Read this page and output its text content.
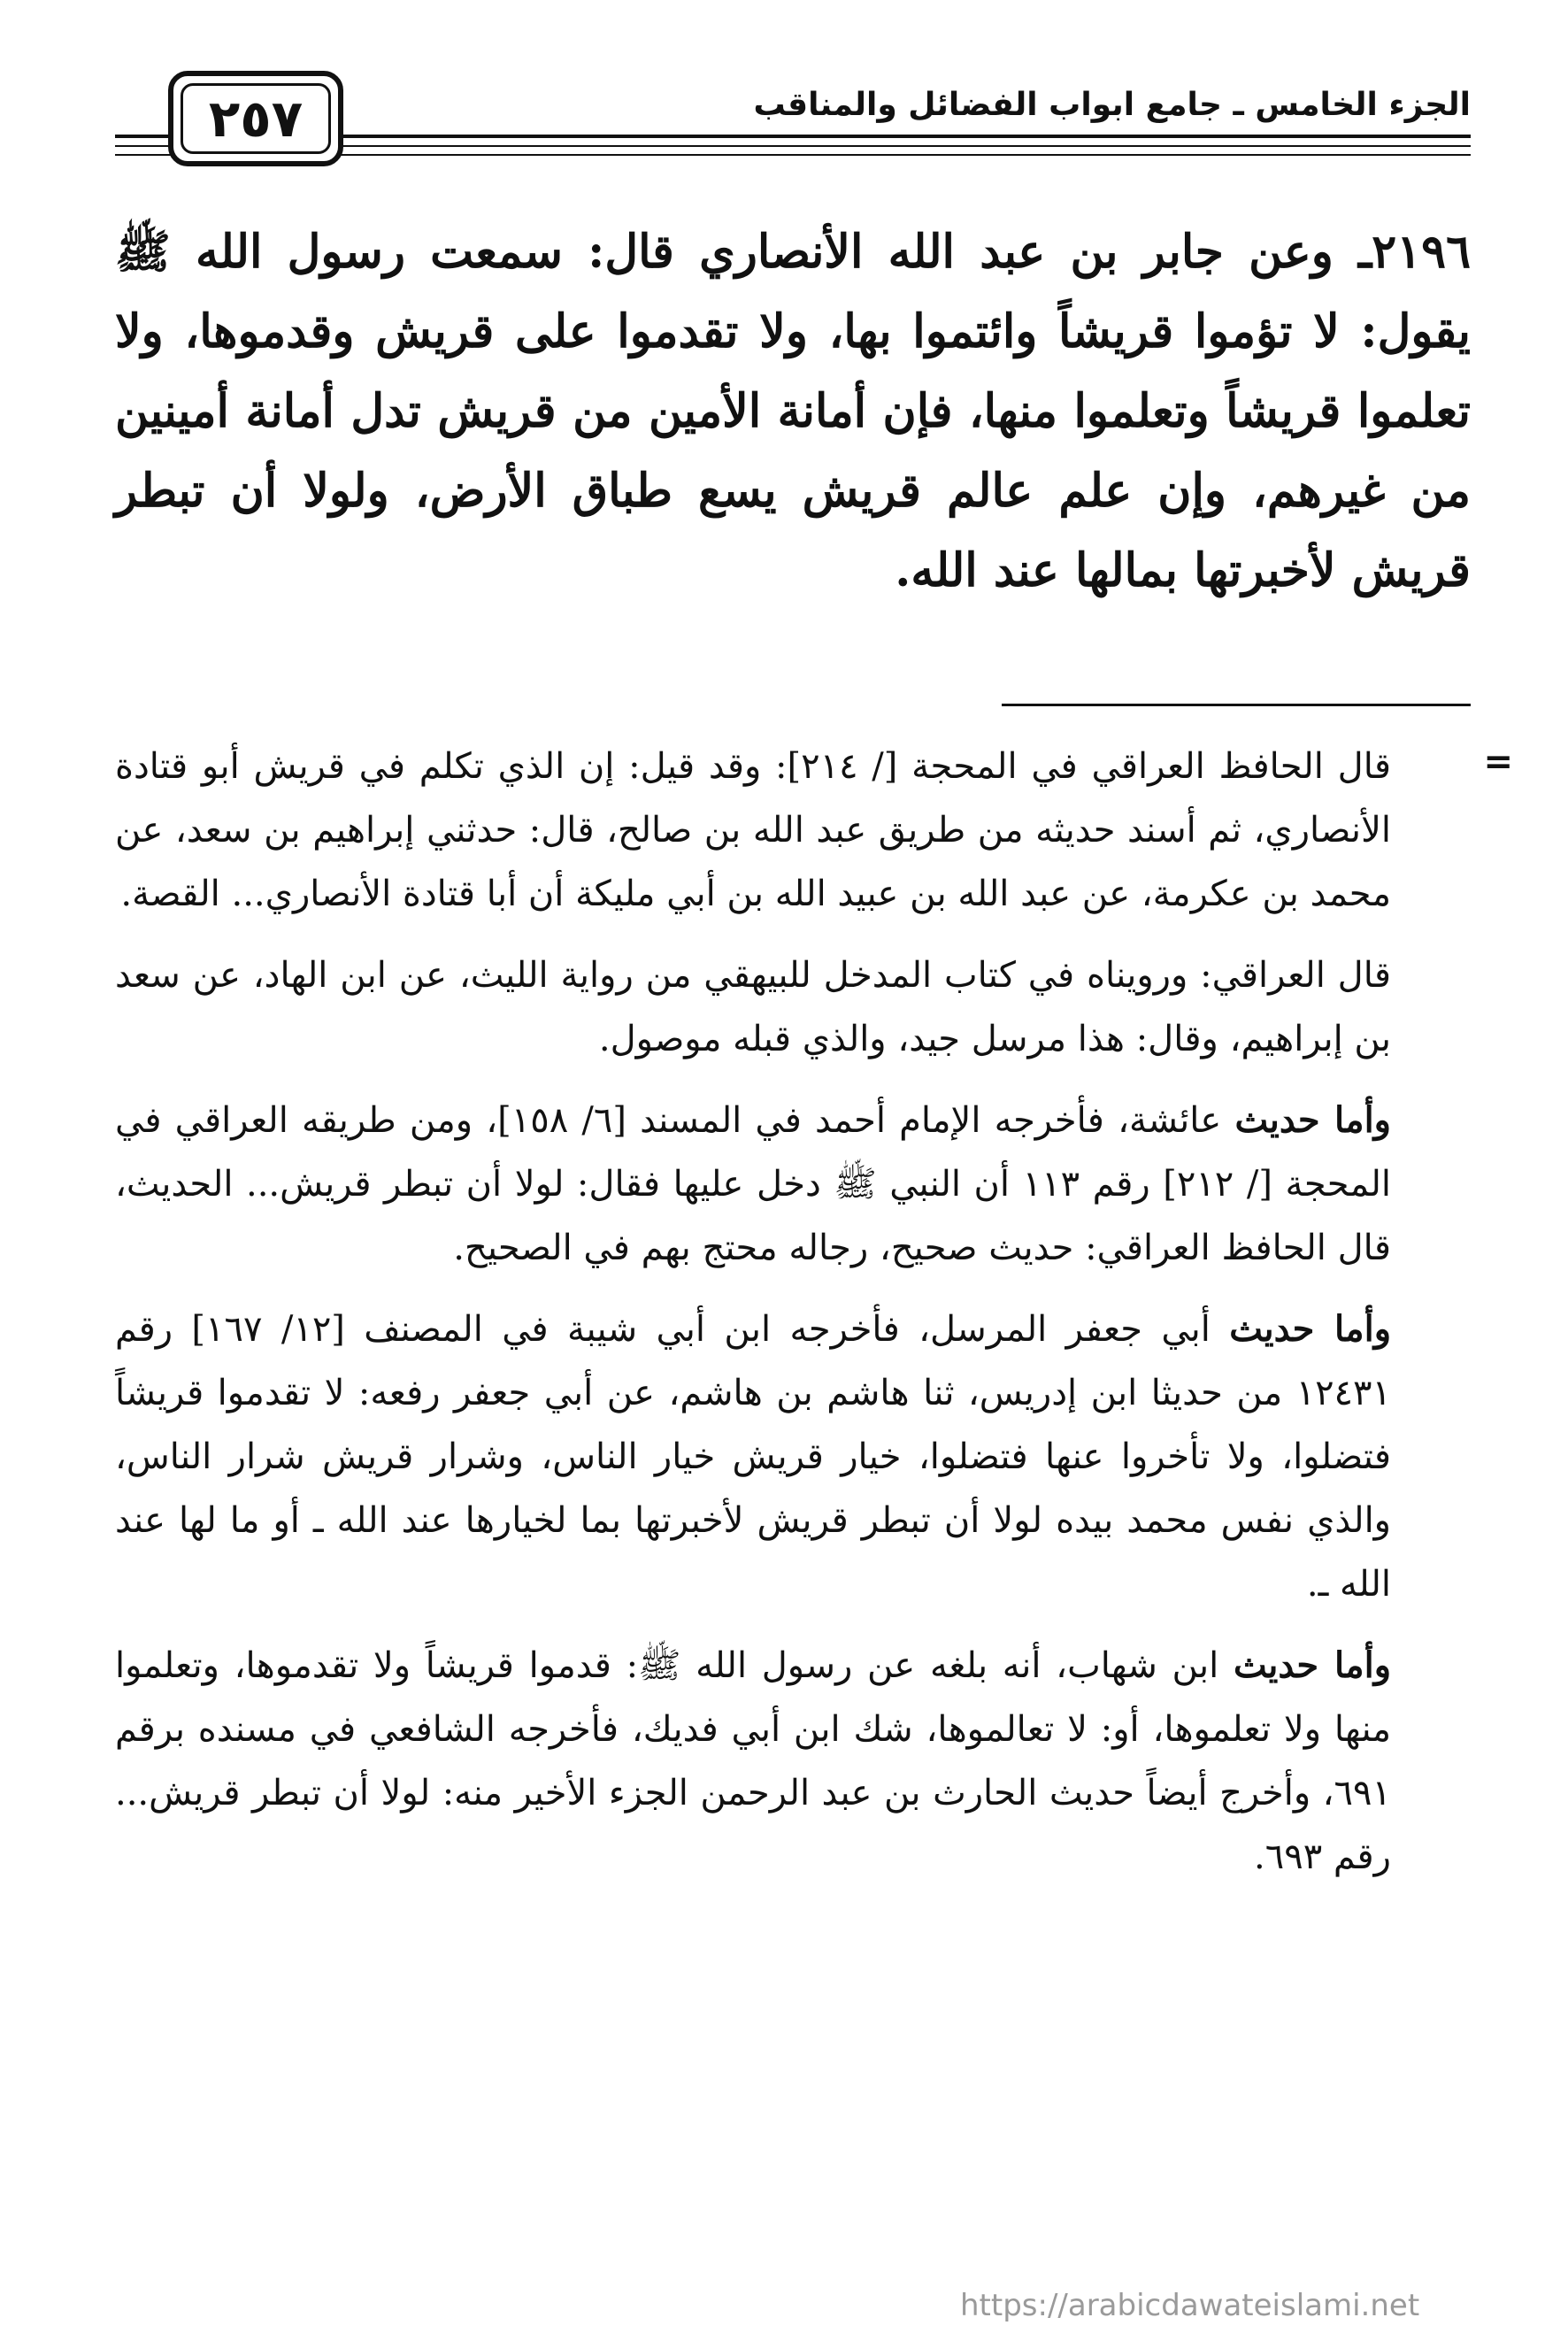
الجزء الخامس ـ جامع ابواب الفضائل والمناقب
٢٥٧
٢١٩٦ـ وعن جابر بن عبد الله الأنصاري قال: سمعت رسول الله ﷺ يقول: لا تؤموا قريشاً وائتموا بها، ولا تقدموا على قريش وقدموها، ولا تعلموا قريشاً وتعلموا منها، فإن أمانة الأمين من قريش تدل أمانة أمينين من غيرهم، وإن علم عالم قريش يسع طباق الأرض، ولولا أن تبطر قريش لأخبرتها بمالها عند الله.
=

قال الحافظ العراقي في المحجة [/ ٢١٤]: وقد قيل: إن الذي تكلم في قريش أبو قتادة الأنصاري، ثم أسند حديثه من طريق عبد الله بن صالح، قال: حدثني إبراهيم بن سعد، عن محمد بن عكرمة، عن عبد الله بن عبيد الله بن أبي مليكة أن أبا قتادة الأنصاري... القصة.

قال العراقي: ورويناه في كتاب المدخل للبيهقي من رواية الليث، عن ابن الهاد، عن سعد بن إبراهيم، وقال: هذا مرسل جيد، والذي قبله موصول.

وأما حديث عائشة، فأخرجه الإمام أحمد في المسند [٦/ ١٥٨]، ومن طريقه العراقي في المحجة [/ ٢١٢] رقم ١١٣ أن النبي ﷺ دخل عليها فقال: لولا أن تبطر قريش... الحديث، قال الحافظ العراقي: حديث صحيح، رجاله محتج بهم في الصحيح.

وأما حديث أبي جعفر المرسل، فأخرجه ابن أبي شيبة في المصنف [١٢/ ١٦٧] رقم ١٢٤٣١ من حديثا ابن إدريس، ثنا هاشم بن هاشم، عن أبي جعفر رفعه: لا تقدموا قريشاً فتضلوا، ولا تأخروا عنها فتضلوا، خيار قريش خيار الناس، وشرار قريش شرار الناس، والذي نفس محمد بيده لولا أن تبطر قريش لأخبرتها بما لخيارها عند الله ـ أو ما لها عند الله ـ.

وأما حديث ابن شهاب، أنه بلغه عن رسول الله ﷺ: قدموا قريشاً ولا تقدموها، وتعلموا منها ولا تعلموها، أو: لا تعالموها، شك ابن أبي فديك، فأخرجه الشافعي في مسنده برقم ٦٩١، وأخرج أيضاً حديث الحارث بن عبد الرحمن الجزء الأخير منه: لولا أن تبطر قريش... رقم ٦٩٣.

https://arabicdawateislami.net
